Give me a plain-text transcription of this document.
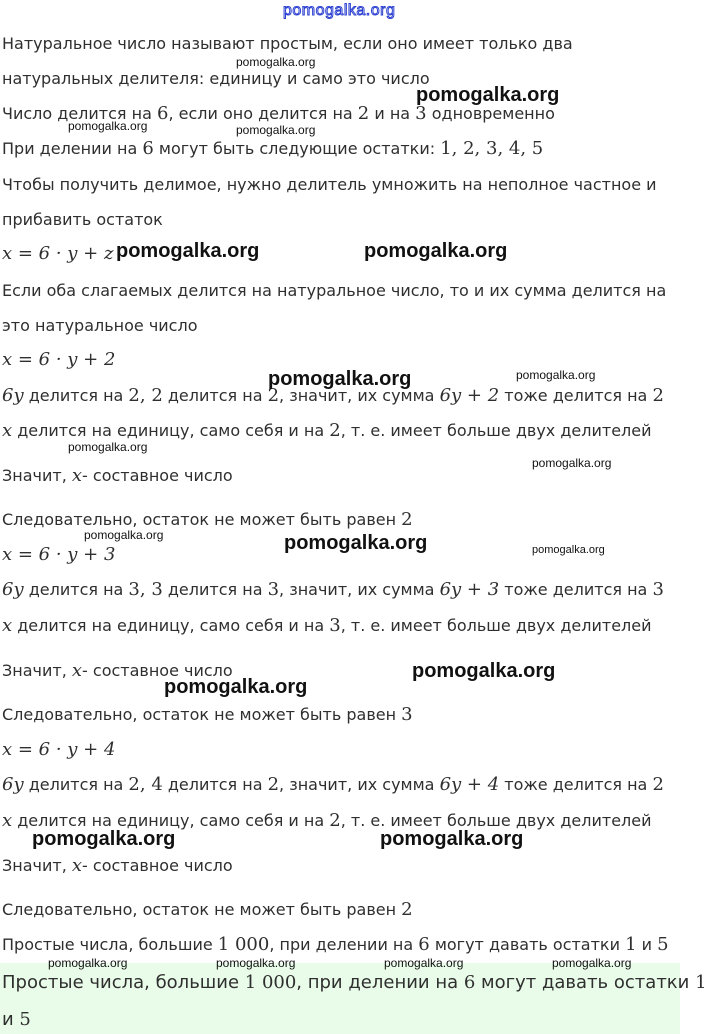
pomogalka.org

Натуральное число называют простым, если оно имеет только два

натуральных делителя: единицу и само это число

Число делится на 6, если оно делится на 2 и на 3 одновременно

При делении на 6 могут быть следующие остатки: 1, 2, 3, 4, 5

Чтобы получить делимое, нужно делитель умножить на неполное частное и

прибавить остаток

x = 6 · y + z

Если оба слагаемых делится на натуральное число, то и их сумма делится на

это натуральное число

x = 6 · y + 2

6y делится на 2, 2 делится на 2, значит, их сумма 6y + 2 тоже делится на 2

x делится на единицу, само себя и на 2, т. е. имеет больше двух делителей

Значит, x- составное число

Следовательно, остаток не может быть равен 2

x = 6 · y + 3

6y делится на 3, 3 делится на 3, значит, их сумма 6y + 3 тоже делится на 3

x делится на единицу, само себя и на 3, т. е. имеет больше двух делителей

Значит, x- составное число

Следовательно, остаток не может быть равен 3

x = 6 · y + 4

6y делится на 2, 4 делится на 2, значит, их сумма 6y + 4 тоже делится на 2

x делится на единицу, само себя и на 2, т. е. имеет больше двух делителей

Значит, x- составное число

Следовательно, остаток не может быть равен 2

Простые числа, большие 1 000, при делении на 6 могут давать остатки 1 и 5

Простые числа, большие 1 000, при делении на 6 могут давать остатки 1

и 5

pomogalka.org
pomogalka.org
pomogalka.org	pomogalka.org
pomogalka.org	pomogalka.org
pomogalka.org	pomogalka.org
pomogalka.org
pomogalka.org
pomogalka.org	pomogalka.org	pomogalka.org
pomogalka.org
pomogalka.org
pomogalka.org	pomogalka.org
pomogalka.org	pomogalka.org	pomogalka.org	pomogalka.org
